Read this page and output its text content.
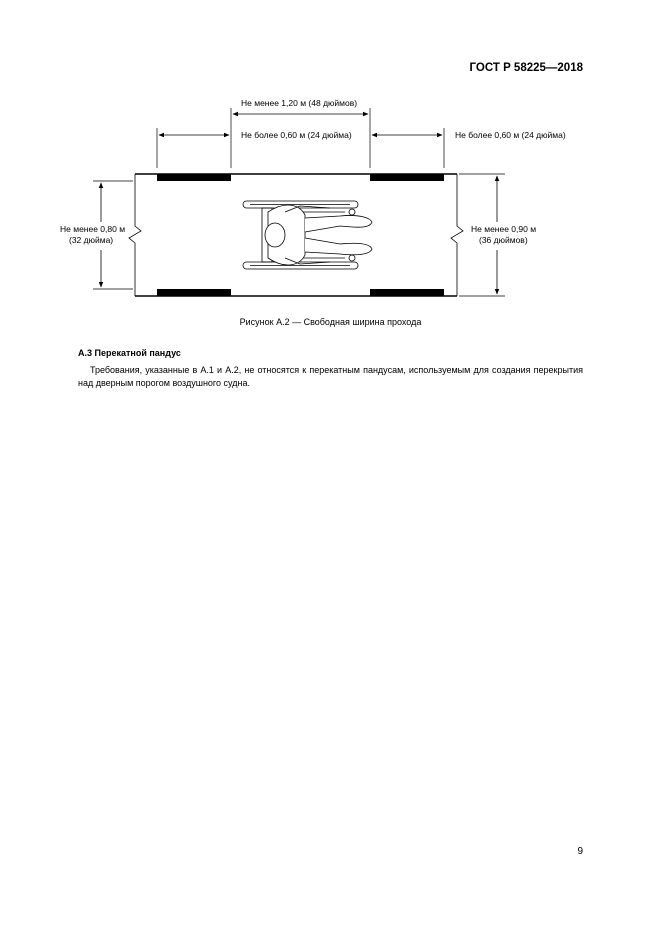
ГОСТ Р 58225—2018
Не менее 1,20 м (48 дюймов)
Не более 0,60 м (24 дюйма)	Не более 0,60 м (24 дюйма)
Не менее 0,80 м
(32 дюйма)
Не менее 0,90 м
(36 дюймов)
Рисунок А.2 — Свободная ширина прохода
А.3 Перекатной пандус
Требования, указанные в А.1 и А.2, не относятся к перекатным пандусам, используемым для создания перекрытия над дверным порогом воздушного судна.
9
